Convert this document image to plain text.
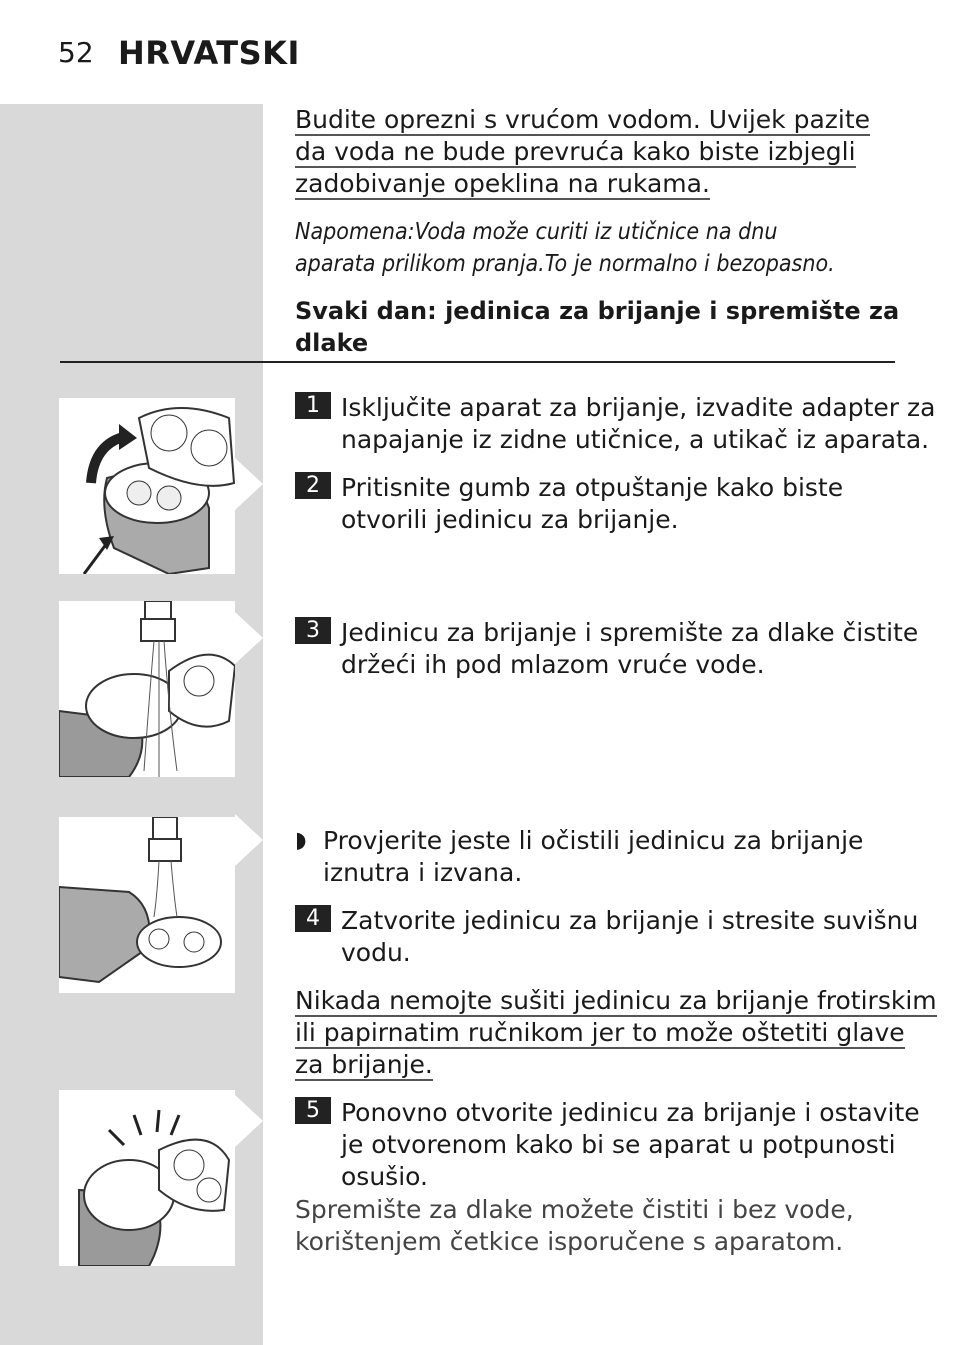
52 HRVATSKI
Budite oprezni s vrućom vodom. Uvijek pazite
da voda ne bude prevruća kako biste izbjegli
zadobivanje opeklina na rukama.
Napomena:Voda može curiti iz utičnice na dnu
aparata prilikom pranja.To je normalno i bezopasno.
Svaki dan: jedinica za brijanje i spremište za
dlake
1 Isključite aparat za brijanje, izvadite adapter za
napajanje iz zidne utičnice, a utikač iz aparata.
2 Pritisnite gumb za otpuštanje kako biste
otvorili jedinicu za brijanje.
3 Jedinicu za brijanje i spremište za dlake čistite
držeći ih pod mlazom vruće vode.
◗ Provjerite jeste li očistili jedinicu za brijanje
iznutra i izvana.
4 Zatvorite jedinicu za brijanje i stresite suvišnu
vodu.
Nikada nemojte sušiti jedinicu za brijanje frotirskim
ili papirnatim ručnikom jer to može oštetiti glave
za brijanje.
5 Ponovno otvorite jedinicu za brijanje i ostavite
je otvorenom kako bi se aparat u potpunosti
osušio.
Spremište za dlake možete čistiti i bez vode,
korištenjem četkice isporučene s aparatom.
